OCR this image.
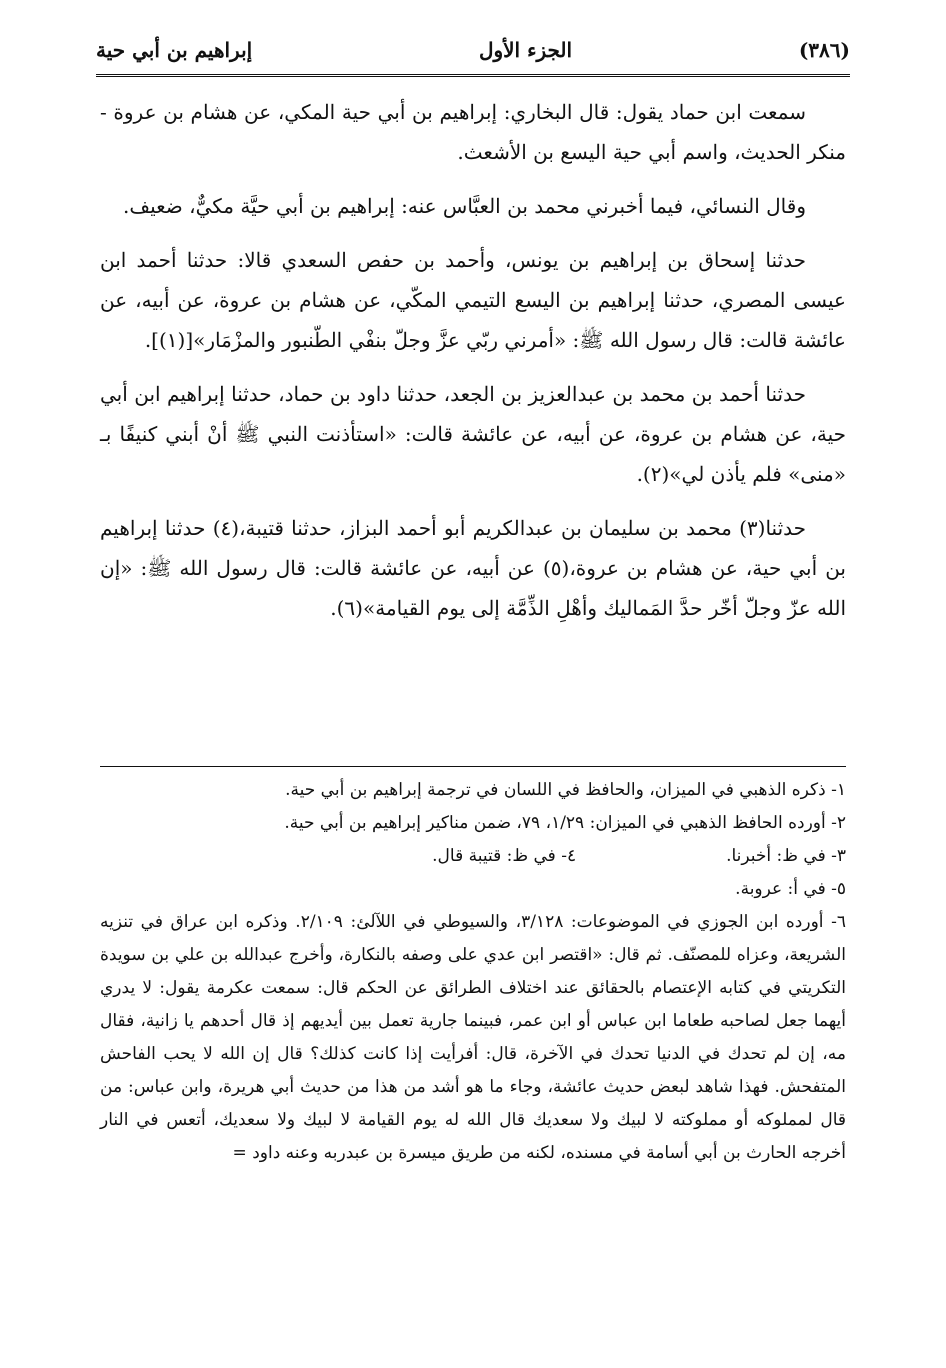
(٣٨٦)
الجزء الأول
إبراهيم بن أبي حية

سمعت ابن حماد يقول: قال البخاري: إبراهيم بن أبي حية المكي، عن هشام بن عروة - منكر الحديث، واسم أبي حية اليسع بن الأشعث.

وقال النسائي، فيما أخبرني محمد بن العبَّاس عنه: إبراهيم بن أبي حيَّة مكيٌّ، ضعيف.

حدثنا إسحاق بن إبراهيم بن يونس، وأحمد بن حفص السعدي قالا: حدثنا أحمد ابن عيسى المصري، حدثنا إبراهيم بن اليسع التيمي المكّي، عن هشام بن عروة، عن أبيه، عن عائشة قالت: قال رسول الله ﷺ: «أمرني ربّي عزَّ وجلّ بنفْي الطّنبور والمزْمَار»[(١)].

حدثنا أحمد بن محمد بن عبدالعزيز بن الجعد، حدثنا داود بن حماد، حدثنا إبراهيم ابن أبي حية، عن هشام بن عروة، عن أبيه، عن عائشة قالت: «استأذنت النبي ﷺ أنْ أبني كنيفًا بـ «منى» فلم يأذن لي»(٢).

حدثنا(٣) محمد بن سليمان بن عبدالكريم أبو أحمد البزاز، حدثنا قتيبة،(٤) حدثنا إبراهيم بن أبي حية، عن هشام بن عروة،(٥) عن أبيه، عن عائشة قالت: قال رسول الله ﷺ: «إن الله عزّ وجلّ أخّر حدَّ المَماليك وأهْلِ الذِّمَّة إلى يوم القيامة»(٦).

١- ذكره الذهبي في الميزان، والحافظ في اللسان في ترجمة إبراهيم بن أبي حية.

٢- أورده الحافظ الذهبي في الميزان: ١/٢٩، ٧٩، ضمن مناكير إبراهيم بن أبي حية.

٣- في ظ: أخبرنا.
٤- في ظ: قتيبة قال.

٥- في أ: عروبة.

٦- أورده ابن الجوزي في الموضوعات: ٣/١٢٨، والسيوطي في اللآلئ: ٢/١٠٩. وذكره ابن عراق في تنزيه الشريعة، وعزاه للمصنّف. ثم قال: «اقتصر ابن عدي على وصفه بالنكارة، وأخرج عبدالله بن علي بن سويدة التكريتي في كتابه الإعتصام بالحقائق عند اختلاف الطرائق عن الحكم قال: سمعت عكرمة يقول: لا يدري أيهما جعل لصاحبه طعاما ابن عباس أو ابن عمر، فبينما جارية تعمل بين أيديهم إذ قال أحدهم يا زانية، فقال مه، إن لم تحدك في الدنيا تحدك في الآخرة، قال: أفرأيت إذا كانت كذلك؟ قال إن الله لا يحب الفاحش المتفحش. فهذا شاهد لبعض حديث عائشة، وجاء ما هو أشد من هذا من حديث أبي هريرة، وابن عباس: من قال لمملوكه أو مملوكته لا لبيك ولا سعديك قال الله له يوم القيامة لا لبيك ولا سعديك، أتعس في النار أخرجه الحارث بن أبي أسامة في مسنده، لكنه من طريق ميسرة بن عبدربه وعنه داود =
